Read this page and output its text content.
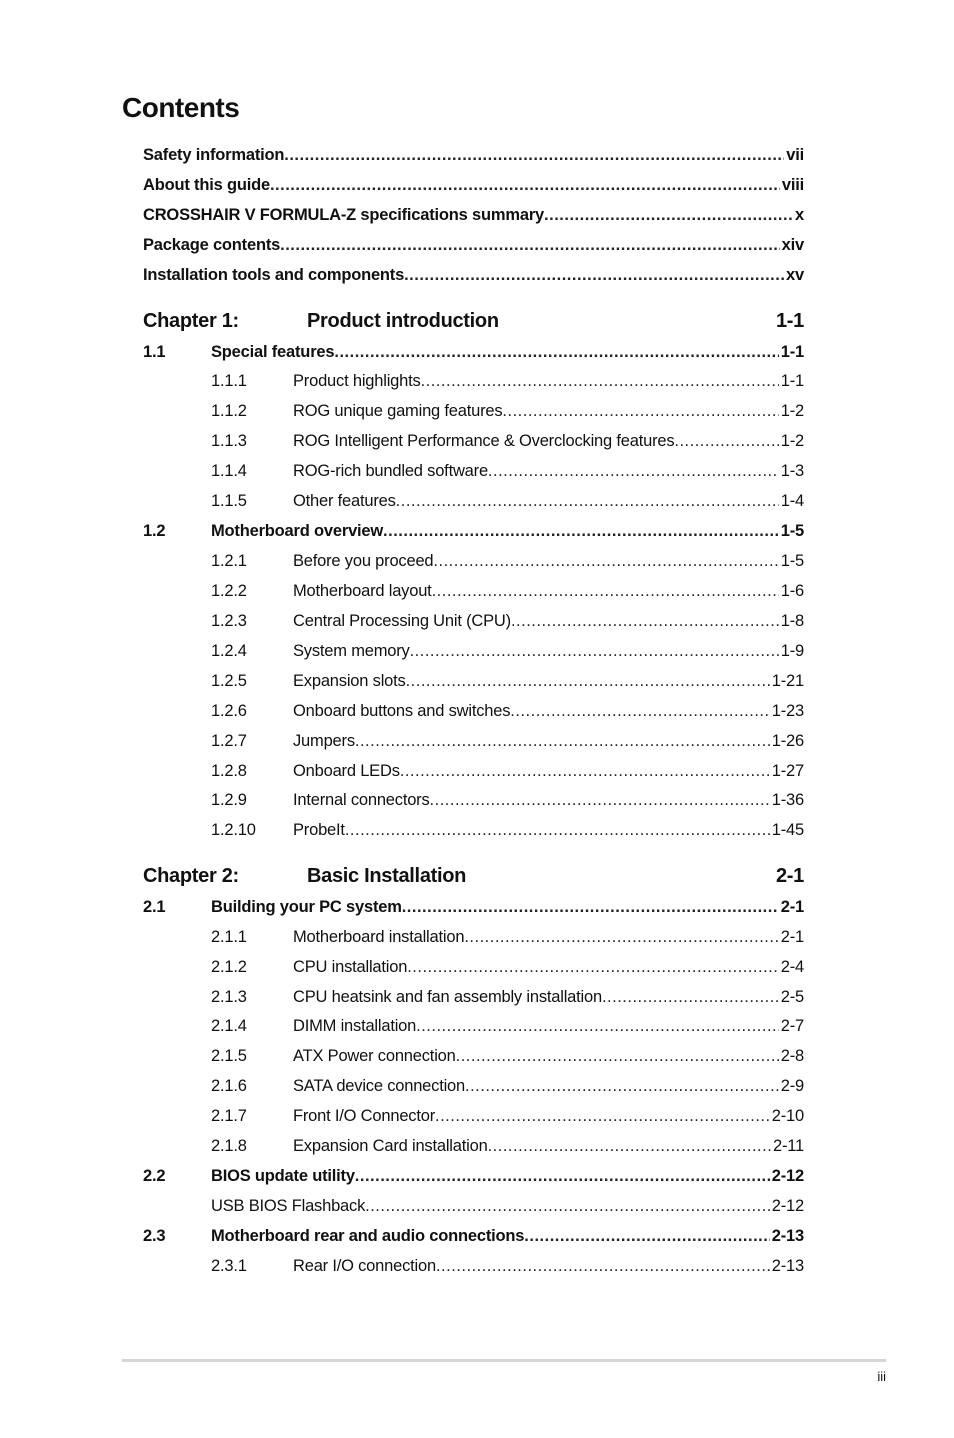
Contents
Safety information .....	vii
About this guide .....	viii
CROSSHAIR V FORMULA-Z specifications summary .....	x
Package contents .....	xiv
Installation tools and components .....	xv
Chapter 1:	Product introduction	1-1
1.1	Special features .....	1-1
1.1.1	Product highlights .....	1-1
1.1.2	ROG unique gaming features .....	1-2
1.1.3	ROG Intelligent Performance & Overclocking features .....	1-2
1.1.4	ROG-rich bundled software .....	1-3
1.1.5	Other features .....	1-4
1.2	Motherboard overview .....	1-5
1.2.1	Before you proceed .....	1-5
1.2.2	Motherboard layout .....	1-6
1.2.3	Central Processing Unit (CPU) .....	1-8
1.2.4	System memory .....	1-9
1.2.5	Expansion slots .....	1-21
1.2.6	Onboard buttons and switches .....	1-23
1.2.7	Jumpers .....	1-26
1.2.8	Onboard LEDs .....	1-27
1.2.9	Internal connectors .....	1-36
1.2.10 ProbeIt .....	1-45
Chapter 2:	Basic Installation	2-1
2.1	Building your PC system .....	2-1
2.1.1	Motherboard installation .....	2-1
2.1.2	CPU installation .....	2-4
2.1.3	CPU heatsink and fan assembly installation .....	2-5
2.1.4	DIMM installation .....	2-7
2.1.5	ATX Power connection .....	2-8
2.1.6	SATA device connection .....	2-9
2.1.7	Front I/O Connector .....	2-10
2.1.8	Expansion Card installation .....	2-11
2.2	BIOS update utility .....	2-12
USB BIOS Flashback .....	2-12
2.3	Motherboard rear and audio connections .....	2-13
2.3.1	Rear I/O connection .....	2-13
iii
